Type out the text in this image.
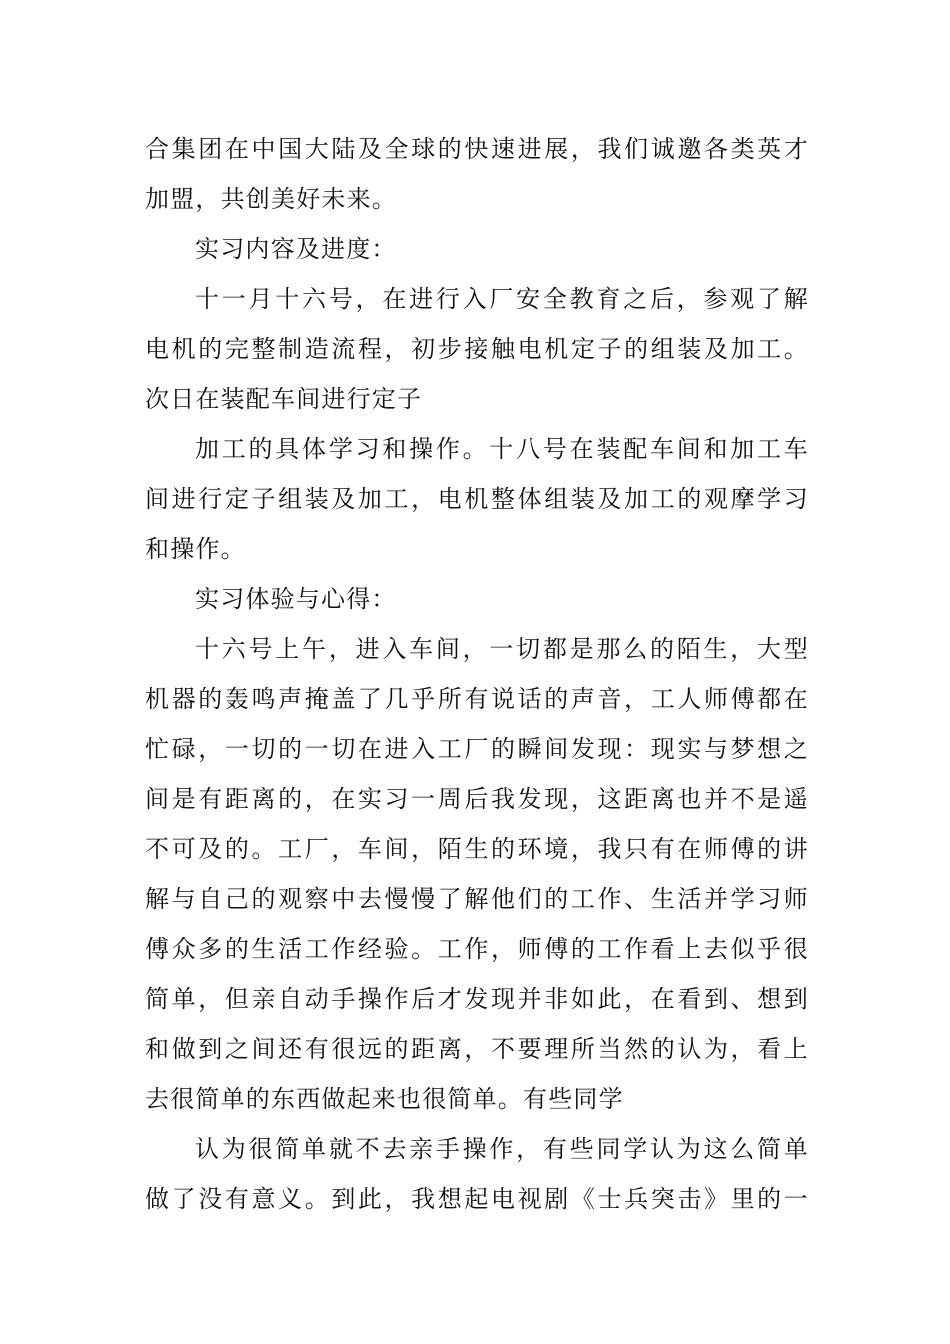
合集团在中国大陆及全球的快速进展，我们诚邀各类英才
加盟，共创美好未来。
实习内容及进度：
十一月十六号，在进行入厂安全教育之后，参观了解
电机的完整制造流程，初步接触电机定子的组装及加工。
次日在装配车间进行定子
加工的具体学习和操作。十八号在装配车间和加工车
间进行定子组装及加工，电机整体组装及加工的观摩学习
和操作。
实习体验与心得：
十六号上午，进入车间，一切都是那么的陌生，大型
机器的轰鸣声掩盖了几乎所有说话的声音，工人师傅都在
忙碌，一切的一切在进入工厂的瞬间发现：现实与梦想之
间是有距离的，在实习一周后我发现，这距离也并不是遥
不可及的。工厂，车间，陌生的环境，我只有在师傅的讲
解与自己的观察中去慢慢了解他们的工作、生活并学习师
傅众多的生活工作经验。工作，师傅的工作看上去似乎很
简单，但亲自动手操作后才发现并非如此，在看到、想到
和做到之间还有很远的距离，不要理所当然的认为，看上
去很简单的东西做起来也很简单。有些同学
认为很简单就不去亲手操作，有些同学认为这么简单
做了没有意义。到此，我想起电视剧《士兵突击》里的一
